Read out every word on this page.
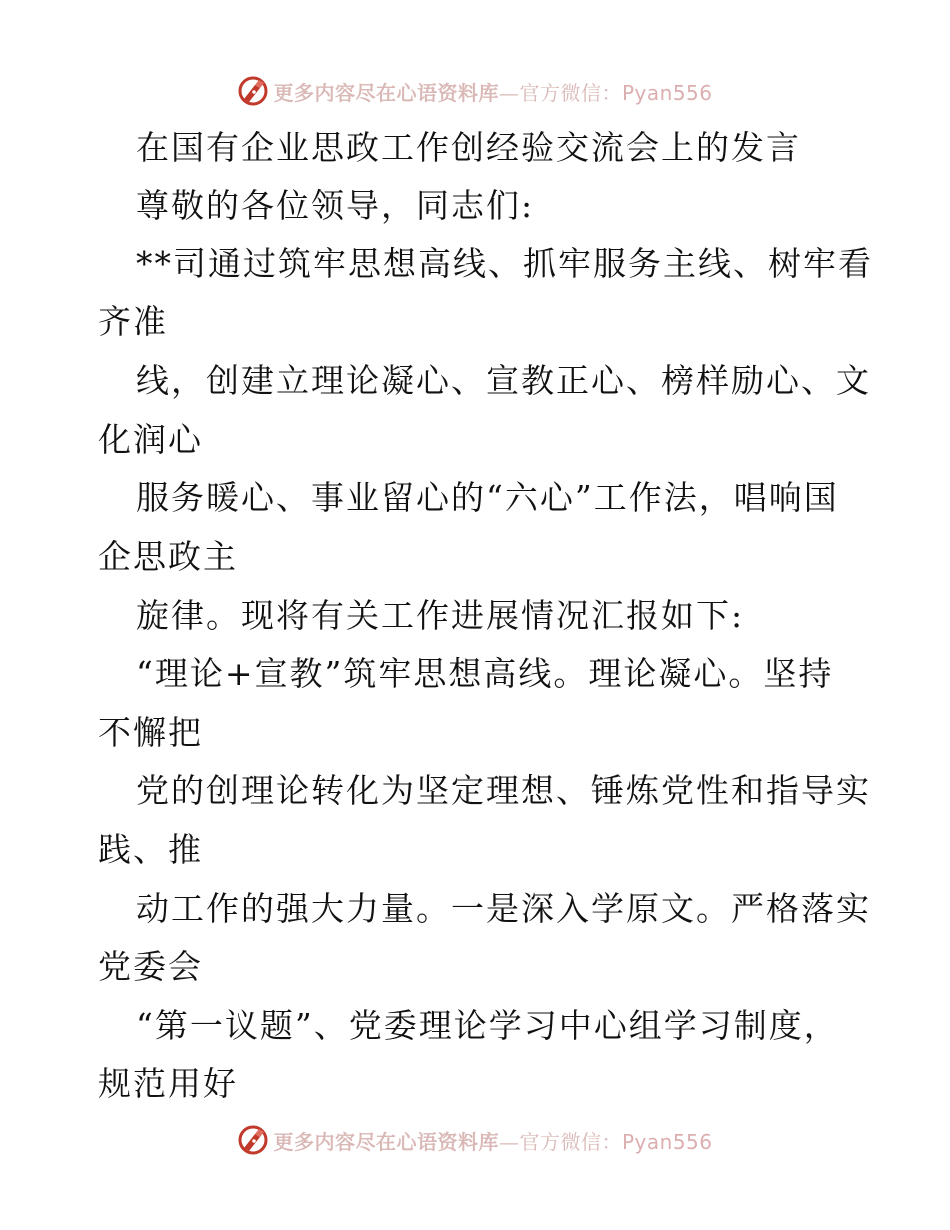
更多内容尽在心语资料库—官方微信：Pyan556
在国有企业思政工作创经验交流会上的发言
尊敬的各位领导，同志们:
**司通过筑牢思想高线、抓牢服务主线、树牢看
齐准
线，创建立理论凝心、宣教正心、榜样励心、文
化润心
服务暖心、事业留心的“六心”工作法，唱响国
企思政主
旋律。现将有关工作进展情况汇报如下:
“理论+宣教”筑牢思想高线。理论凝心。坚持
不懈把
党的创理论转化为坚定理想、锤炼党性和指导实
践、推
动工作的强大力量。一是深入学原文。严格落实
党委会
“第一议题”、党委理论学习中心组学习制度，
规范用好
更多内容尽在心语资料库—官方微信：Pyan556
